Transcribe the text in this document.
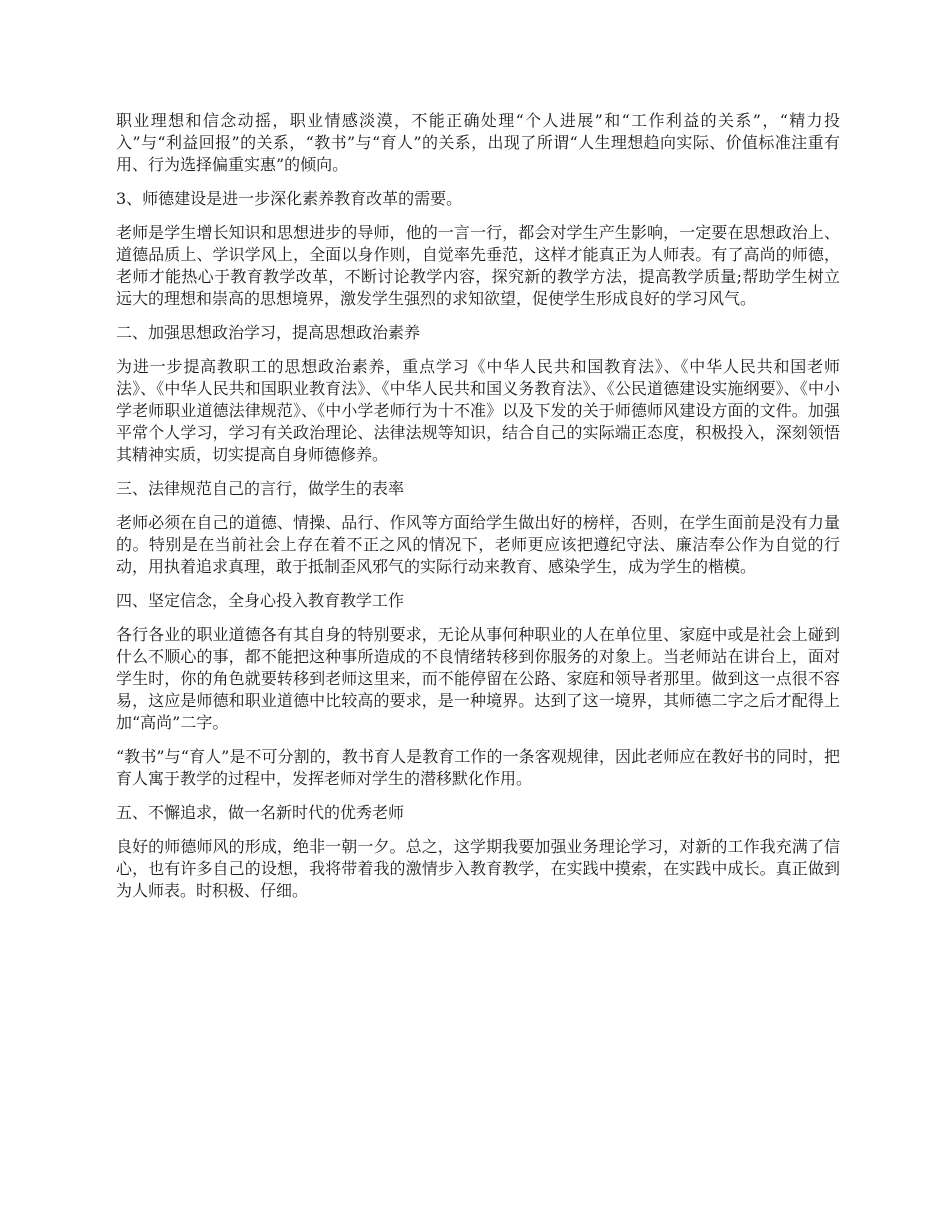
职业理想和信念动摇，职业情感淡漠，不能正确处理“个人进展”和“工作利益的关系”，“精力投入”与“利益回报”的关系，“教书”与“育人”的关系，出现了所谓“人生理想趋向实际、价值标准注重有用、行为选择偏重实惠”的倾向。

3、师德建设是进一步深化素养教育改革的需要。

老师是学生增长知识和思想进步的导师，他的一言一行，都会对学生产生影响，一定要在思想政治上、道德品质上、学识学风上，全面以身作则，自觉率先垂范，这样才能真正为人师表。有了高尚的师德，老师才能热心于教育教学改革，不断讨论教学内容，探究新的教学方法，提高教学质量;帮助学生树立远大的理想和崇高的思想境界，激发学生强烈的求知欲望，促使学生形成良好的学习风气。

二、加强思想政治学习，提高思想政治素养

为进一步提高教职工的思想政治素养，重点学习《中华人民共和国教育法》、《中华人民共和国老师法》、《中华人民共和国职业教育法》、《中华人民共和国义务教育法》、《公民道德建设实施纲要》、《中小学老师职业道德法律规范》、《中小学老师行为十不准》以及下发的关于师德师风建设方面的文件。加强平常个人学习，学习有关政治理论、法律法规等知识，结合自己的实际端正态度，积极投入，深刻领悟其精神实质，切实提高自身师德修养。

三、法律规范自己的言行，做学生的表率

老师必须在自己的道德、情操、品行、作风等方面给学生做出好的榜样，否则，在学生面前是没有力量的。特别是在当前社会上存在着不正之风的情况下，老师更应该把遵纪守法、廉洁奉公作为自觉的行动，用执着追求真理，敢于抵制歪风邪气的实际行动来教育、感染学生，成为学生的楷模。

四、坚定信念，全身心投入教育教学工作

各行各业的职业道德各有其自身的特别要求，无论从事何种职业的人在单位里、家庭中或是社会上碰到什么不顺心的事，都不能把这种事所造成的不良情绪转移到你服务的对象上。当老师站在讲台上，面对学生时，你的角色就要转移到老师这里来，而不能停留在公路、家庭和领导者那里。做到这一点很不容易，这应是师德和职业道德中比较高的要求，是一种境界。达到了这一境界，其师德二字之后才配得上加“高尚”二字。

“教书”与“育人”是不可分割的，教书育人是教育工作的一条客观规律，因此老师应在教好书的同时，把育人寓于教学的过程中，发挥老师对学生的潜移默化作用。

五、不懈追求，做一名新时代的优秀老师

良好的师德师风的形成，绝非一朝一夕。总之，这学期我要加强业务理论学习，对新的工作我充满了信心，也有许多自己的设想，我将带着我的激情步入教育教学，在实践中摸索，在实践中成长。真正做到为人师表。时积极、仔细。
